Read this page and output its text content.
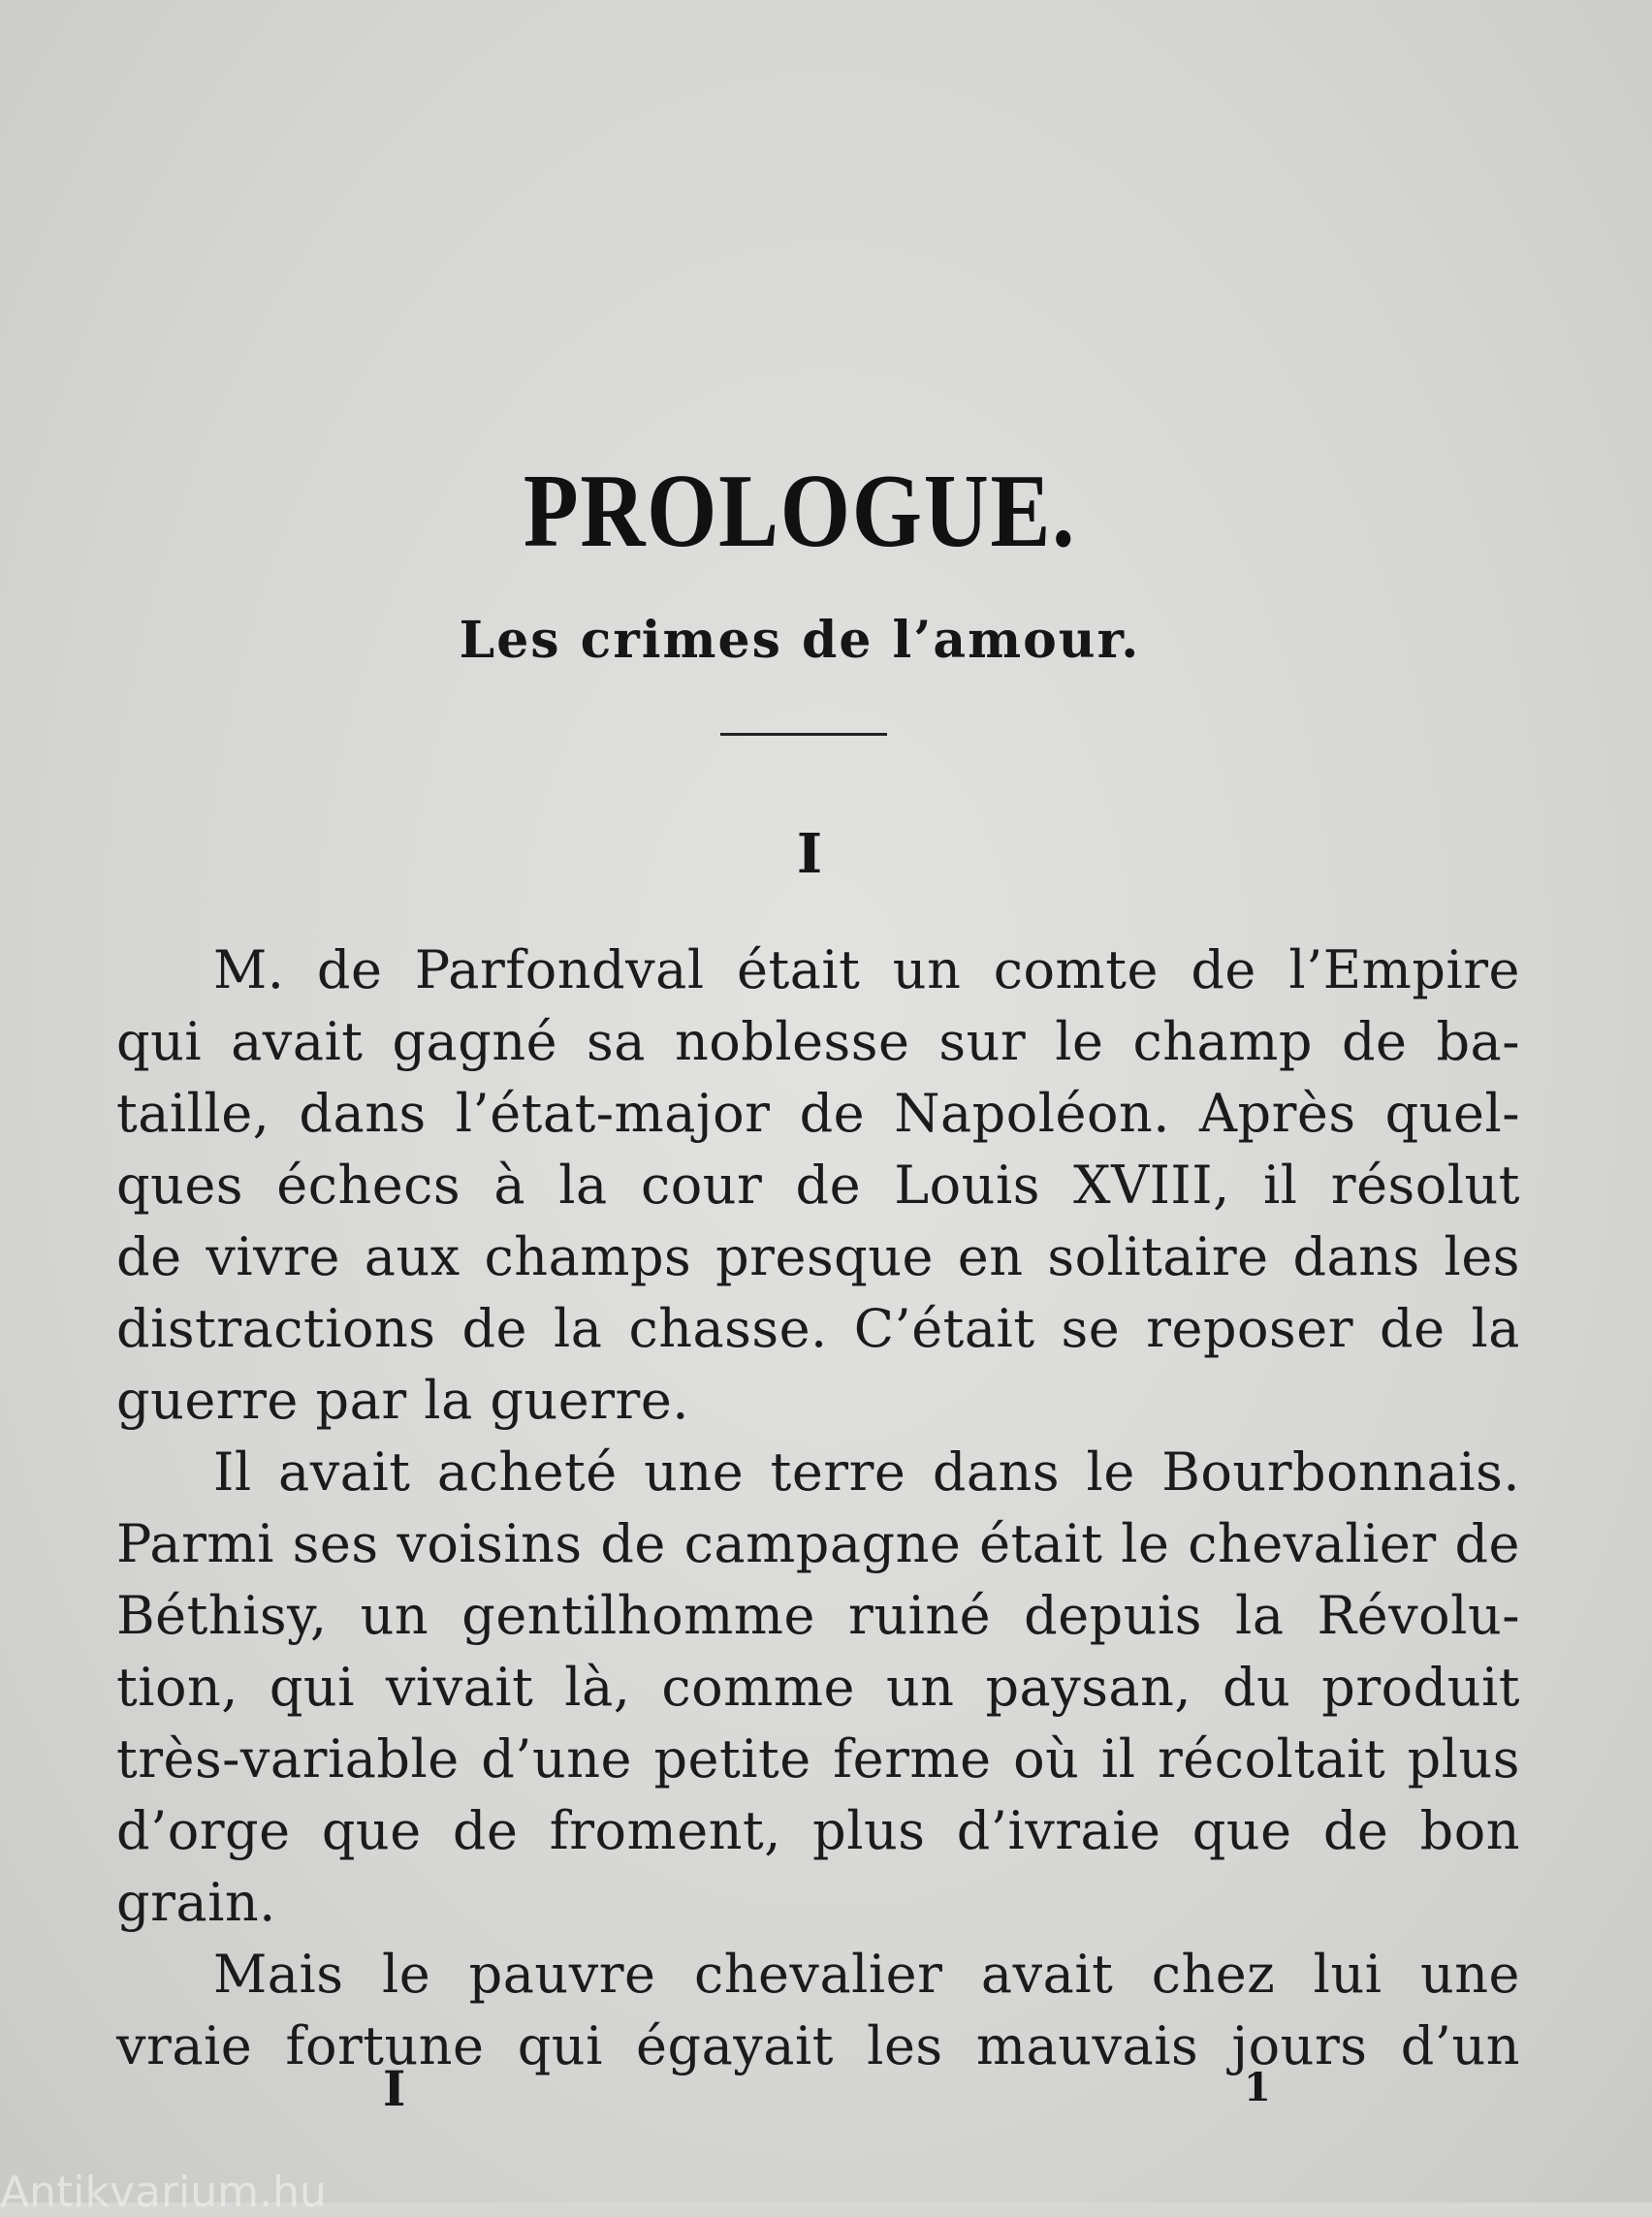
PROLOGUE.
Les crimes de l’amour.
I
M. de Parfondval était un comte de l’Empire
qui avait gagné sa noblesse sur le champ de ba-
taille, dans l’état-major de Napoléon. Après quel-
ques échecs à la cour de Louis XVIII, il résolut
de vivre aux champs presque en solitaire dans les
distractions de la chasse. C’était se reposer de la
guerre par la guerre.
Il avait acheté une terre dans le Bourbonnais.
Parmi ses voisins de campagne était le chevalier de
Béthisy, un gentilhomme ruiné depuis la Révolu-
tion, qui vivait là, comme un paysan, du produit
très-variable d’une petite ferme où il récoltait plus
d’orge que de froment, plus d’ivraie que de bon
grain.
Mais le pauvre chevalier avait chez lui une
vraie fortune qui égayait les mauvais jours d’un
I	1
Antikvarium.hu
